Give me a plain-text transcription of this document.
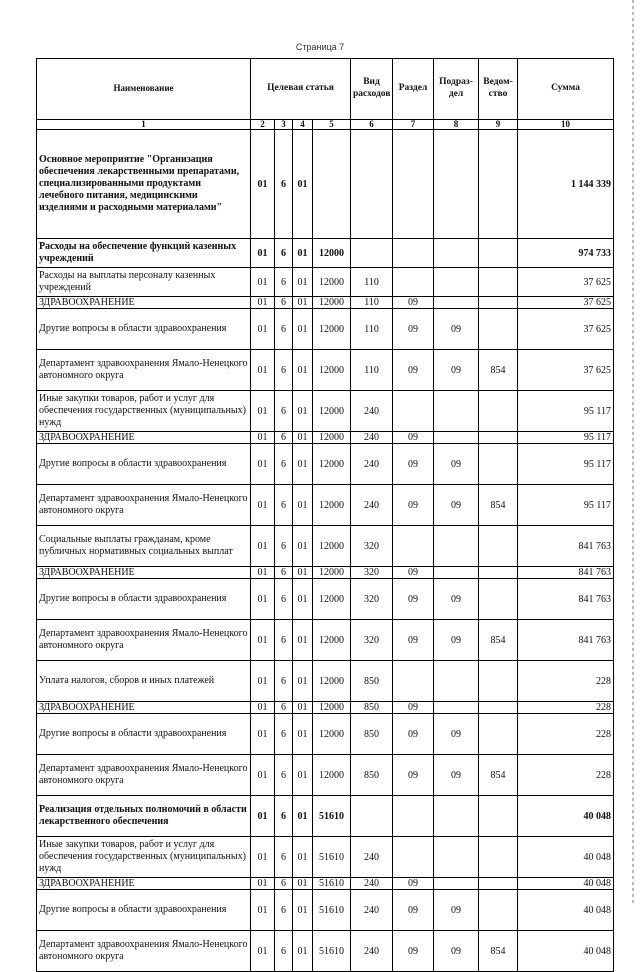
Страница 7
Наименование	Целевая статья				Вид расходов	Раздел	Подраз-дел	Ведом-ство	Сумма
1	2	3	4	5	6	7	8	9	10
Основное мероприятие "Организация обеспечения лекарственными препаратами, специализированными продуктами лечебного питания, медицинскими изделиями и расходными материалами"	01	6	01						1 144 339
Расходы на обеспечение функций казенных учреждений	01	6	01	12000					974 733
Расходы на выплаты персоналу казенных учреждений	01	6	01	12000	110				37 625
ЗДРАВООХРАНЕНИЕ	01	6	01	12000	110	09			37 625
Другие вопросы в области здравоохранения	01	6	01	12000	110	09	09		37 625
Департамент здравоохранения Ямало-Ненецкого автономного округа	01	6	01	12000	110	09	09	854	37 625
Иные закупки товаров, работ и услуг для обеспечения государственных (муниципальных) нужд	01	6	01	12000	240				95 117
ЗДРАВООХРАНЕНИЕ	01	6	01	12000	240	09			95 117
Другие вопросы в области здравоохранения	01	6	01	12000	240	09	09		95 117
Департамент здравоохранения Ямало-Ненецкого автономного округа	01	6	01	12000	240	09	09	854	95 117
Социальные выплаты гражданам, кроме публичных нормативных социальных выплат	01	6	01	12000	320				841 763
ЗДРАВООХРАНЕНИЕ	01	6	01	12000	320	09			841 763
Другие вопросы в области здравоохранения	01	6	01	12000	320	09	09		841 763
Департамент здравоохранения Ямало-Ненецкого автономного округа	01	6	01	12000	320	09	09	854	841 763
Уплата налогов, сборов и иных платежей	01	6	01	12000	850				228
ЗДРАВООХРАНЕНИЕ	01	6	01	12000	850	09			228
Другие вопросы в области здравоохранения	01	6	01	12000	850	09	09		228
Департамент здравоохранения Ямало-Ненецкого автономного округа	01	6	01	12000	850	09	09	854	228
Реализация отдельных полномочий в области лекарственного обеспечения	01	6	01	51610					40 048
Иные закупки товаров, работ и услуг для обеспечения государственных (муниципальных) нужд	01	6	01	51610	240				40 048
ЗДРАВООХРАНЕНИЕ	01	6	01	51610	240	09			40 048
Другие вопросы в области здравоохранения	01	6	01	51610	240	09	09		40 048
Департамент здравоохранения Ямало-Ненецкого автономного округа	01	6	01	51610	240	09	09	854	40 048
